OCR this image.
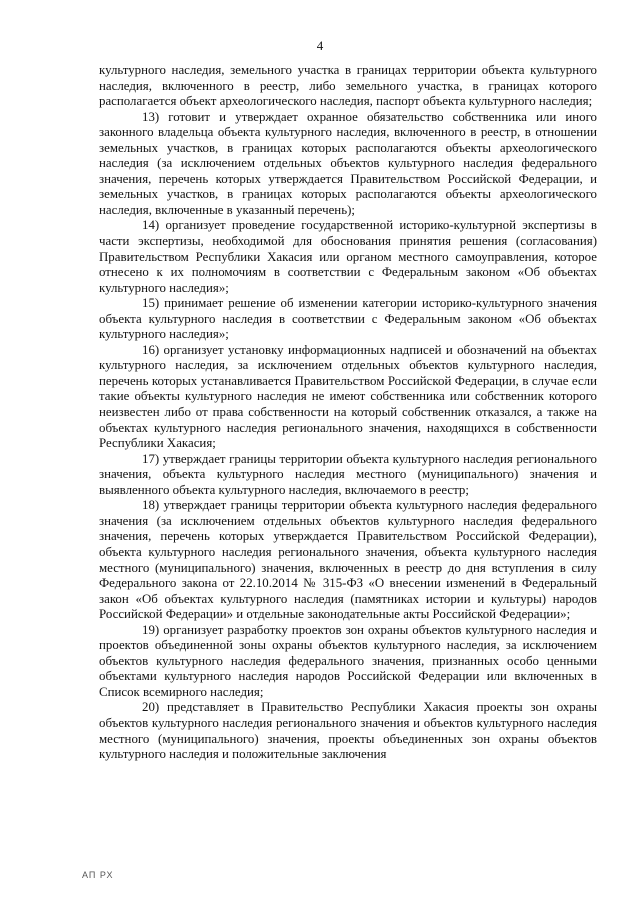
4

культурного наследия, земельного участка в границах территории объекта культурного наследия, включенного в реестр, либо земельного участка, в границах которого располагается объект археологического наследия, паспорт объекта культурного наследия;

13) готовит и утверждает охранное обязательство собственника или иного законного владельца объекта культурного наследия, включенного в реестр, в отношении земельных участков, в границах которых располагаются объекты археологического наследия (за исключением отдельных объектов культурного наследия федерального значения, перечень которых утверждается Правительством Российской Федерации, и земельных участков, в границах которых располагаются объекты археологического наследия, включенные в указанный перечень);

14) организует проведение государственной историко-культурной экспертизы в части экспертизы, необходимой для обоснования принятия решения (согласования) Правительством Республики Хакасия или органом местного самоуправления, которое отнесено к их полномочиям в соответствии с Федеральным законом «Об объектах культурного наследия»;

15) принимает решение об изменении категории историко-культурного значения объекта культурного наследия в соответствии с Федеральным законом «Об объектах культурного наследия»;

16) организует установку информационных надписей и обозначений на объектах культурного наследия, за исключением отдельных объектов культурного наследия, перечень которых устанавливается Правительством Российской Федерации, в случае если такие объекты культурного наследия не имеют собственника или собственник которого неизвестен либо от права собственности на который собственник отказался, а также на объектах культурного наследия регионального значения, находящихся в собственности Республики Хакасия;

17) утверждает границы территории объекта культурного наследия регионального значения, объекта культурного наследия местного (муниципального) значения и выявленного объекта культурного наследия, включаемого в реестр;

18) утверждает границы территории объекта культурного наследия федерального значения (за исключением отдельных объектов культурного наследия федерального значения, перечень которых утверждается Правительством Российской Федерации), объекта культурного наследия регионального значения, объекта культурного наследия местного (муниципального) значения, включенных в реестр до дня вступления в силу Федерального закона от 22.10.2014 № 315-ФЗ «О внесении изменений в Федеральный закон «Об объектах культурного наследия (памятниках истории и культуры) народов Российской Федерации» и отдельные законодательные акты Российской Федерации»;

19) организует разработку проектов зон охраны объектов культурного наследия и проектов объединенной зоны охраны объектов культурного наследия, за исключением объектов культурного наследия федерального значения, признанных особо ценными объектами культурного наследия народов Российской Федерации или включенных в Список всемирного наследия;

20) представляет в Правительство Республики Хакасия проекты зон охраны объектов культурного наследия регионального значения и объектов культурного наследия местного (муниципального) значения, проекты объединенных зон охраны объектов культурного наследия и положительные заключения

АП РХ
